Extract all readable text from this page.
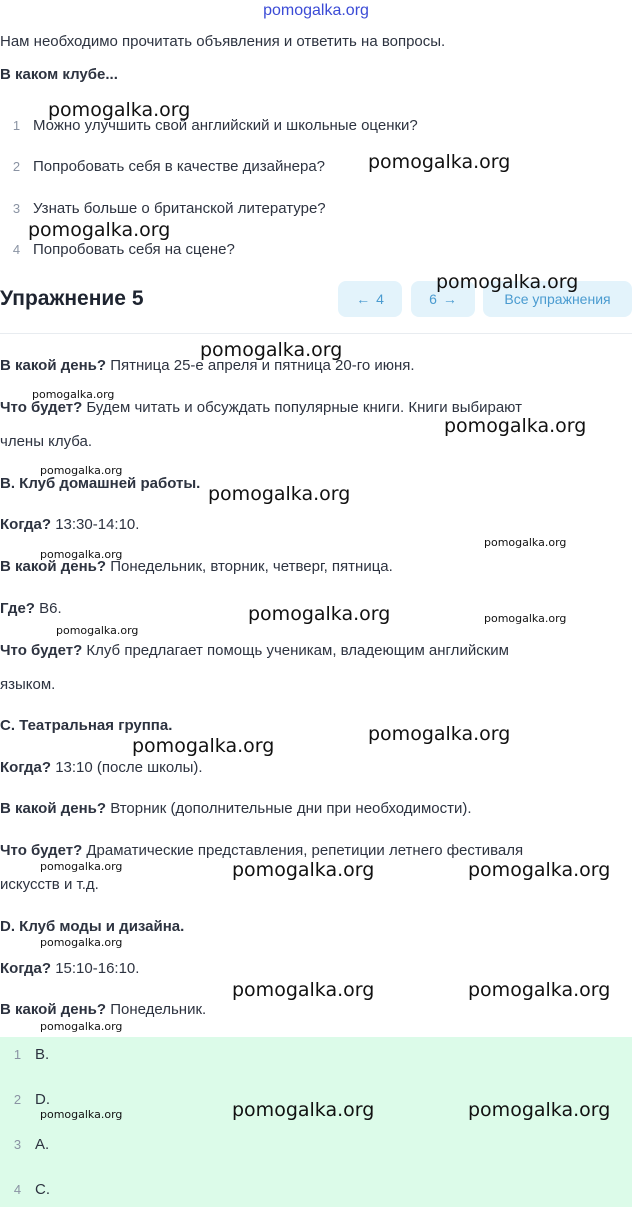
pomogalka.org
Нам необходимо прочитать объявления и ответить на вопросы.
В каком клубе...
1 Можно улучшить свой английский и школьные оценки?
2 Попробовать себя в качестве дизайнера?
3 Узнать больше о британской литературе?
4 Попробовать себя на сцене?
Упражнение 5	← 4	6 →	Все упражнения
В какой день? Пятница 25-е апреля и пятница 20-го июня.
Что будет? Будем читать и обсуждать популярные книги. Книги выбирают
члены клуба.
B. Клуб домашней работы.
Когда? 13:30-14:10.
В какой день? Понедельник, вторник, четверг, пятница.
Где? B6.
Что будет? Клуб предлагает помощь ученикам, владеющим английским
языком.
C. Театральная группа.
Когда? 13:10 (после школы).
В какой день? Вторник (дополнительные дни при необходимости).
Что будет? Драматические представления, репетиции летнего фестиваля
искусств и т.д.
D. Клуб моды и дизайна.
Когда? 15:10-16:10.
В какой день? Понедельник.
1 B.
2 D.
3 A.
4 C.
pomogalka.org
pomogalka.org
pomogalka.org
pomogalka.org
pomogalka.org
pomogalka.org
pomogalka.org
pomogalka.org
pomogalka.org
pomogalka.org
pomogalka.org
pomogalka.org	pomogalka.org
pomogalka.org
pomogalka.org
pomogalka.org
pomogalka.org	pomogalka.org	pomogalka.org
pomogalka.org
pomogalka.org	pomogalka.org
pomogalka.org
pomogalka.org	pomogalka.org	pomogalka.org
